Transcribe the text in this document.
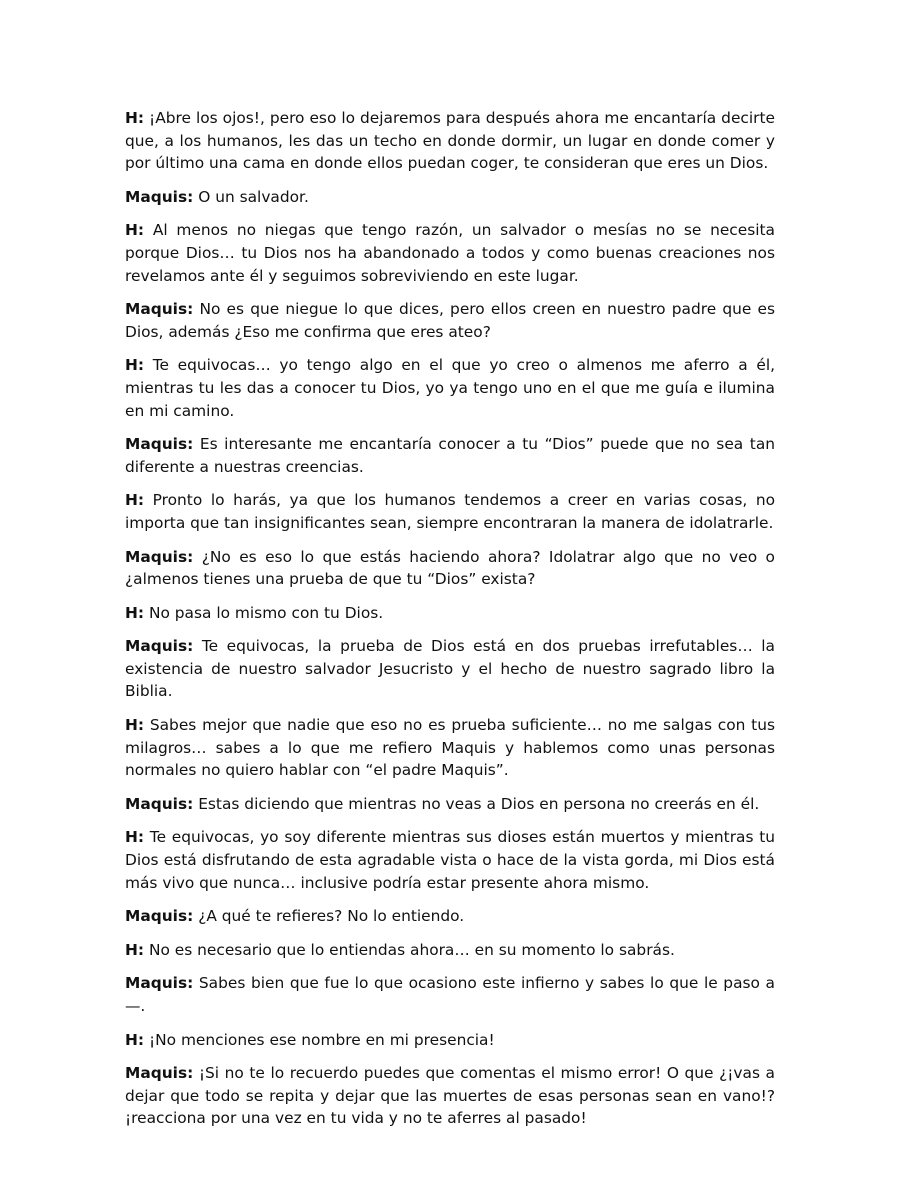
H: ¡Abre los ojos!, pero eso lo dejaremos para después ahora me encantaría decirte que, a los humanos, les das un techo en donde dormir, un lugar en donde comer y por último una cama en donde ellos puedan coger, te consideran que eres un Dios.

Maquis: O un salvador.

H: Al menos no niegas que tengo razón, un salvador o mesías no se necesita porque Dios… tu Dios nos ha abandonado a todos y como buenas creaciones nos revelamos ante él y seguimos sobreviviendo en este lugar.

Maquis: No es que niegue lo que dices, pero ellos creen en nuestro padre que es Dios, además ¿Eso me confirma que eres ateo?

H: Te equivocas… yo tengo algo en el que yo creo o almenos me aferro a él, mientras tu les das a conocer tu Dios, yo ya tengo uno en el que me guía e ilumina en mi camino.

Maquis: Es interesante me encantaría conocer a tu “Dios” puede que no sea tan diferente a nuestras creencias.

H: Pronto lo harás, ya que los humanos tendemos a creer en varias cosas, no importa que tan insignificantes sean, siempre encontraran la manera de idolatrarle.

Maquis: ¿No es eso lo que estás haciendo ahora? Idolatrar algo que no veo o ¿almenos tienes una prueba de que tu “Dios” exista?

H: No pasa lo mismo con tu Dios.

Maquis: Te equivocas, la prueba de Dios está en dos pruebas irrefutables… la existencia de nuestro salvador Jesucristo y el hecho de nuestro sagrado libro la Biblia.

H: Sabes mejor que nadie que eso no es prueba suficiente… no me salgas con tus milagros… sabes a lo que me refiero Maquis y hablemos como unas personas normales no quiero hablar con “el padre Maquis”.

Maquis: Estas diciendo que mientras no veas a Dios en persona no creerás en él.

H: Te equivocas, yo soy diferente mientras sus dioses están muertos y mientras tu Dios está disfrutando de esta agradable vista o hace de la vista gorda, mi Dios está más vivo que nunca… inclusive podría estar presente ahora mismo.

Maquis: ¿A qué te refieres? No lo entiendo.

H: No es necesario que lo entiendas ahora… en su momento lo sabrás.

Maquis: Sabes bien que fue lo que ocasiono este infierno y sabes lo que le paso a—.

H: ¡No menciones ese nombre en mi presencia!

Maquis: ¡Si no te lo recuerdo puedes que comentas el mismo error! O que ¿¡vas a dejar que todo se repita y dejar que las muertes de esas personas sean en vano!? ¡reacciona por una vez en tu vida y no te aferres al pasado!
